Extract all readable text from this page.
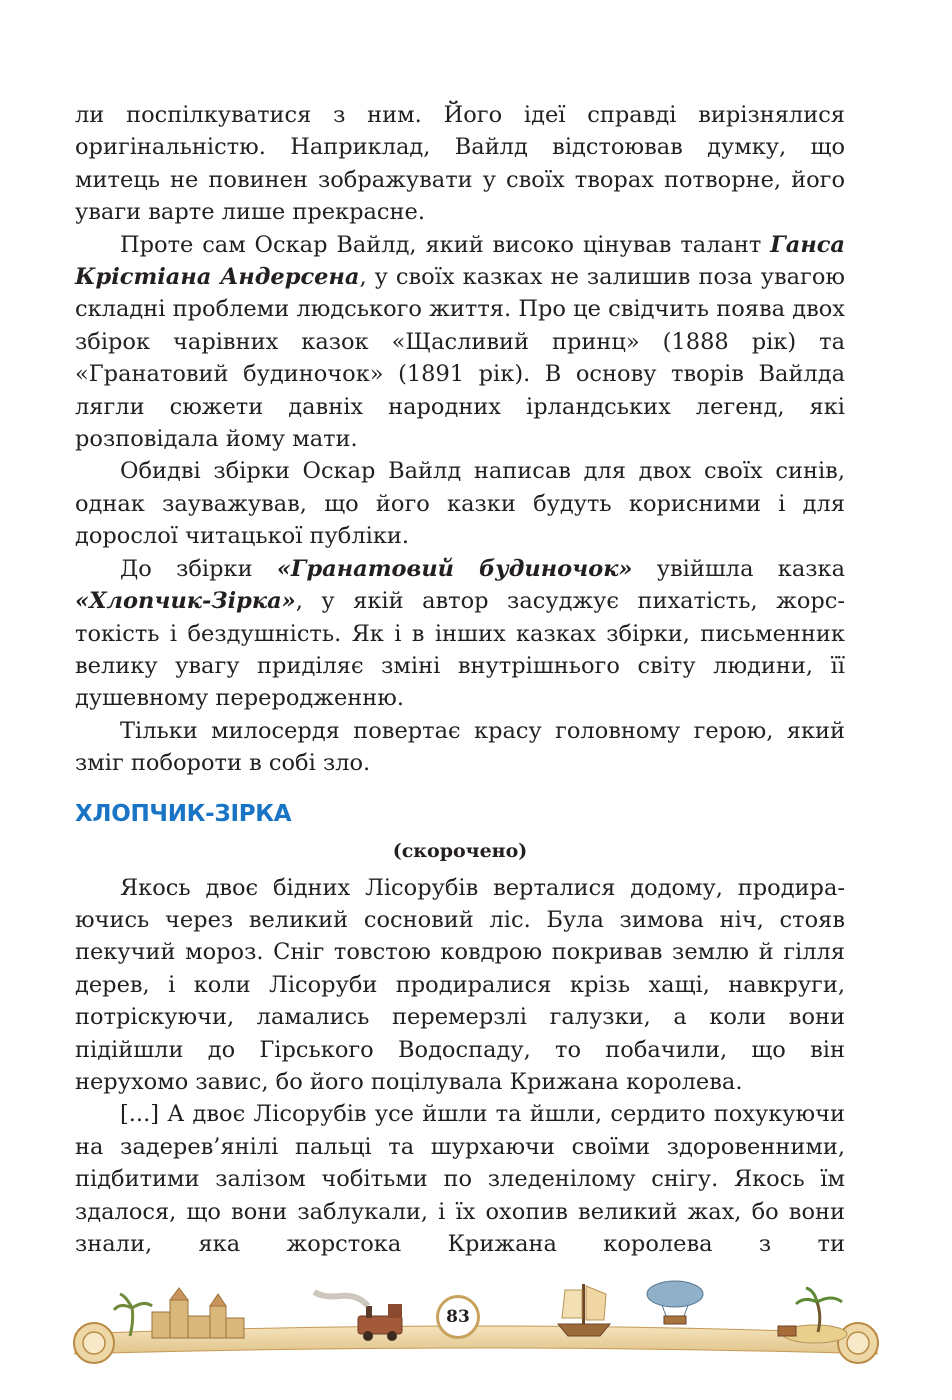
ли поспілкуватися з ним. Його ідеї справді вирізнялися оригінальністю. Наприклад, Вайлд відстоював думку, що митець не повинен зображувати у своїх творах потворне, його уваги варте лише прекрасне.

Проте сам Оскар Вайлд, який високо цінував талант Ганса Крістіана Андерсена, у своїх казках не залишив поза увагою складні проблеми людського життя. Про це свідчить поява двох збірок чарівних казок «Щасливий принц» (1888 рік) та «Гранатовий будиночок» (1891 рік). В основу творів Вайлда лягли сюжети давніх народних ірландських легенд, які розповідала йому мати.

Обидві збірки Оскар Вайлд написав для двох своїх синів, однак зауважував, що його казки будуть корисними і для дорослої читацької публіки.

До збірки «Гранатовий будиночок» увійшла казка «Хлопчик-Зірка», у якій автор засуджує пихатість, жорстокість і бездушність. Як і в інших казках збірки, письменник велику увагу приділяє зміні внутрішнього світу людини, її душевному переродженню.

Тільки милосердя повертає красу головному герою, який зміг побороти в собі зло.

ХЛОПЧИК-ЗІРКА

(скорочено)

Якось двоє бідних Лісорубів верталися додому, продираючись через великий сосновий ліс. Була зимова ніч, стояв пекучий мороз. Сніг товстою ковдрою покривав землю й гілля дерев, і коли Лісоруби продиралися крізь хащі, навкруги, потріскуючи, ламались перемерзлі галузки, а коли вони підійшли до Гірського Водоспаду, то побачили, що він нерухомо завис, бо його поцілувала Крижана королева.

[...] А двоє Лісорубів усе йшли та йшли, сердито похукуючи на задерев’янілі пальці та шурхаючи своїми здоровенними, підбитими залізом чобітьми по зледенілому снігу. Якось їм здалося, що вони заблукали, і їх охопив великий жах, бо вони знали, яка жорстока Крижана королева з ти

83
